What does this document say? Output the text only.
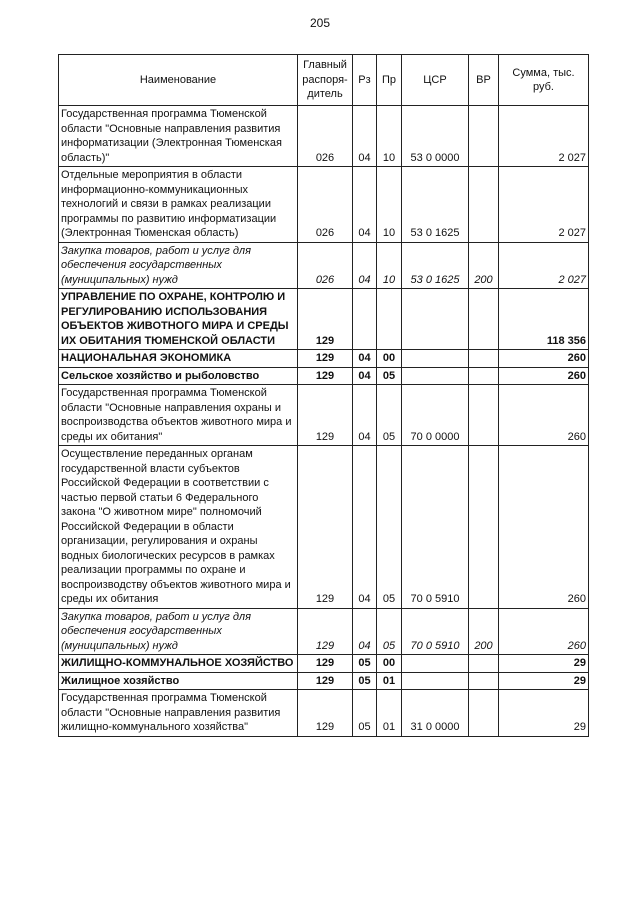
205
Наименование	Главный распоря-дитель	Рз	Пр	ЦСР	ВР	Сумма, тыс. руб.
Государственная программа Тюменской области "Основные направления развития информатизации (Электронная Тюменская область)"	026	04	10	53 0 0000		2 027
Отдельные мероприятия в области информационно-коммуникационных технологий и связи в рамках реализации программы по развитию информатизации (Электронная Тюменская область)	026	04	10	53 0 1625		2 027
Закупка товаров, работ и услуг для обеспечения государственных (муниципальных) нужд	026	04	10	53 0 1625	200	2 027
УПРАВЛЕНИЕ ПО ОХРАНЕ, КОНТРОЛЮ И РЕГУЛИРОВАНИЮ ИСПОЛЬЗОВАНИЯ ОБЪЕКТОВ ЖИВОТНОГО МИРА И СРЕДЫ ИХ ОБИТАНИЯ ТЮМЕНСКОЙ ОБЛАСТИ	129					118 356
НАЦИОНАЛЬНАЯ ЭКОНОМИКА	129	04	00			260
Сельское хозяйство и рыболовство	129	04	05			260
Государственная программа Тюменской области "Основные направления охраны и воспроизводства объектов животного мира и среды их обитания"	129	04	05	70 0 0000		260
Осуществление переданных органам государственной власти субъектов Российской Федерации в соответствии с частью первой статьи 6 Федерального закона "О животном мире" полномочий Российской Федерации в области организации, регулирования и охраны водных биологических ресурсов в рамках реализации программы по охране и воспроизводству объектов животного мира и среды их обитания	129	04	05	70 0 5910		260
Закупка товаров, работ и услуг для обеспечения государственных (муниципальных) нужд	129	04	05	70 0 5910	200	260
ЖИЛИЩНО-КОММУНАЛЬНОЕ ХОЗЯЙСТВО	129	05	00			29
Жилищное хозяйство	129	05	01			29
Государственная программа Тюменской области "Основные направления развития жилищно-коммунального хозяйства"	129	05	01	31 0 0000		29
